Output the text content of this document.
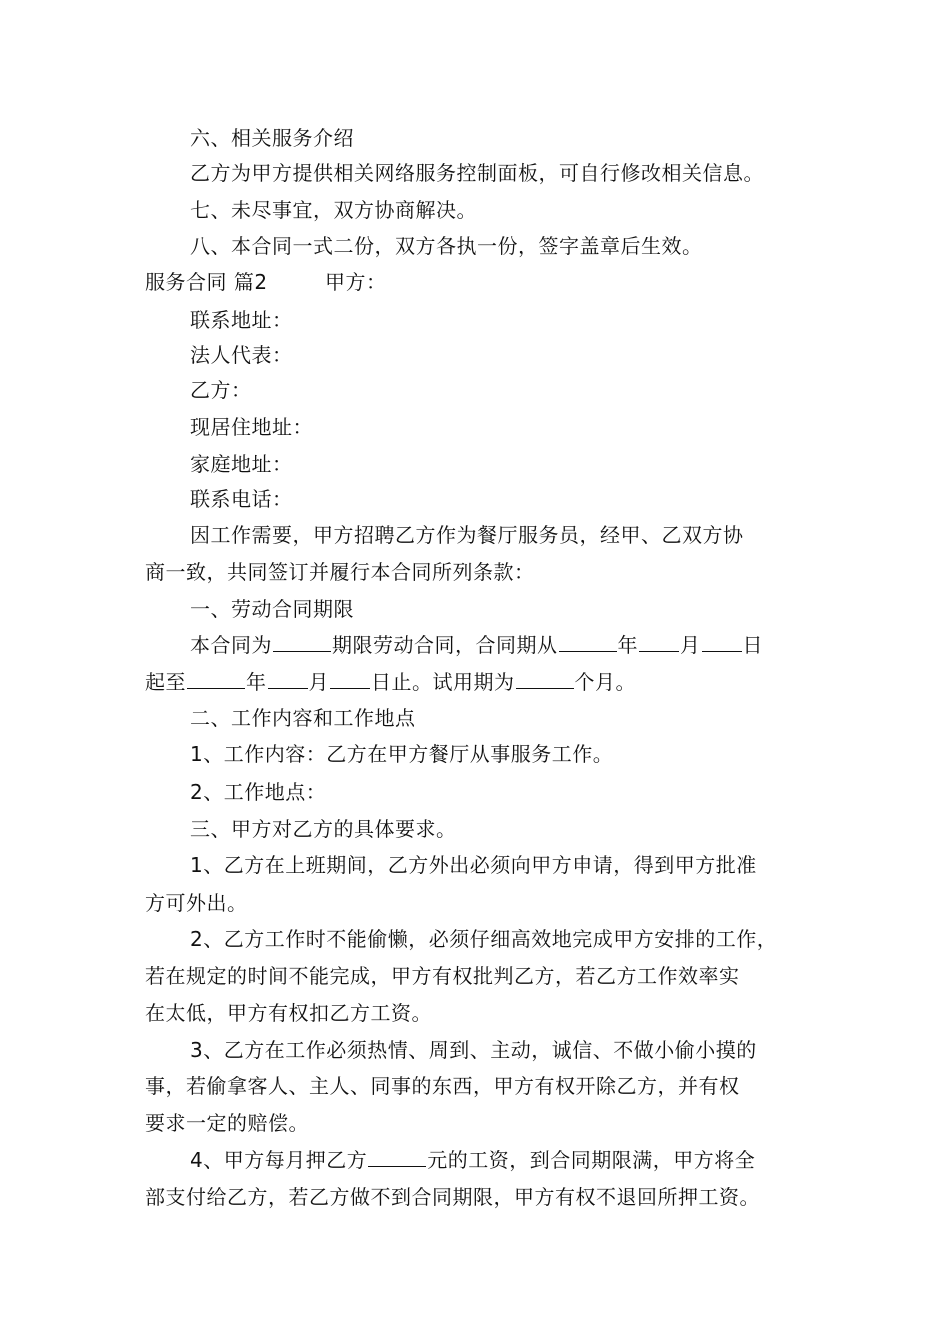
六、相关服务介绍
乙方为甲方提供相关网络服务控制面板，可自行修改相关信息。
七、未尽事宜，双方协商解决。
八、本合同一式二份，双方各执一份，签字盖章后生效。
服务合同 篇2	甲方：
联系地址：
法人代表：
乙方：
现居住地址：
家庭地址：
联系电话：
因工作需要，甲方招聘乙方作为餐厅服务员，经甲、乙双方协
商一致，共同签订并履行本合同所列条款：
一、劳动合同期限
本合同为	期限劳动合同，合同期从	年 月 日
起至	年 月 日止。试用期为	个月。
二、工作内容和工作地点
1、工作内容：乙方在甲方餐厅从事服务工作。
2、工作地点：
三、甲方对乙方的具体要求。
1、乙方在上班期间，乙方外出必须向甲方申请，得到甲方批准
方可外出。
2、乙方工作时不能偷懒，必须仔细高效地完成甲方安排的工作，
若在规定的时间不能完成，甲方有权批判乙方，若乙方工作效率实
在太低，甲方有权扣乙方工资。
3、乙方在工作必须热情、周到、主动，诚信、不做小偷小摸的
事，若偷拿客人、主人、同事的东西，甲方有权开除乙方，并有权
要求一定的赔偿。
4、甲方每月押乙方	元的工资，到合同期限满，甲方将全
部支付给乙方，若乙方做不到合同期限，甲方有权不退回所押工资。
